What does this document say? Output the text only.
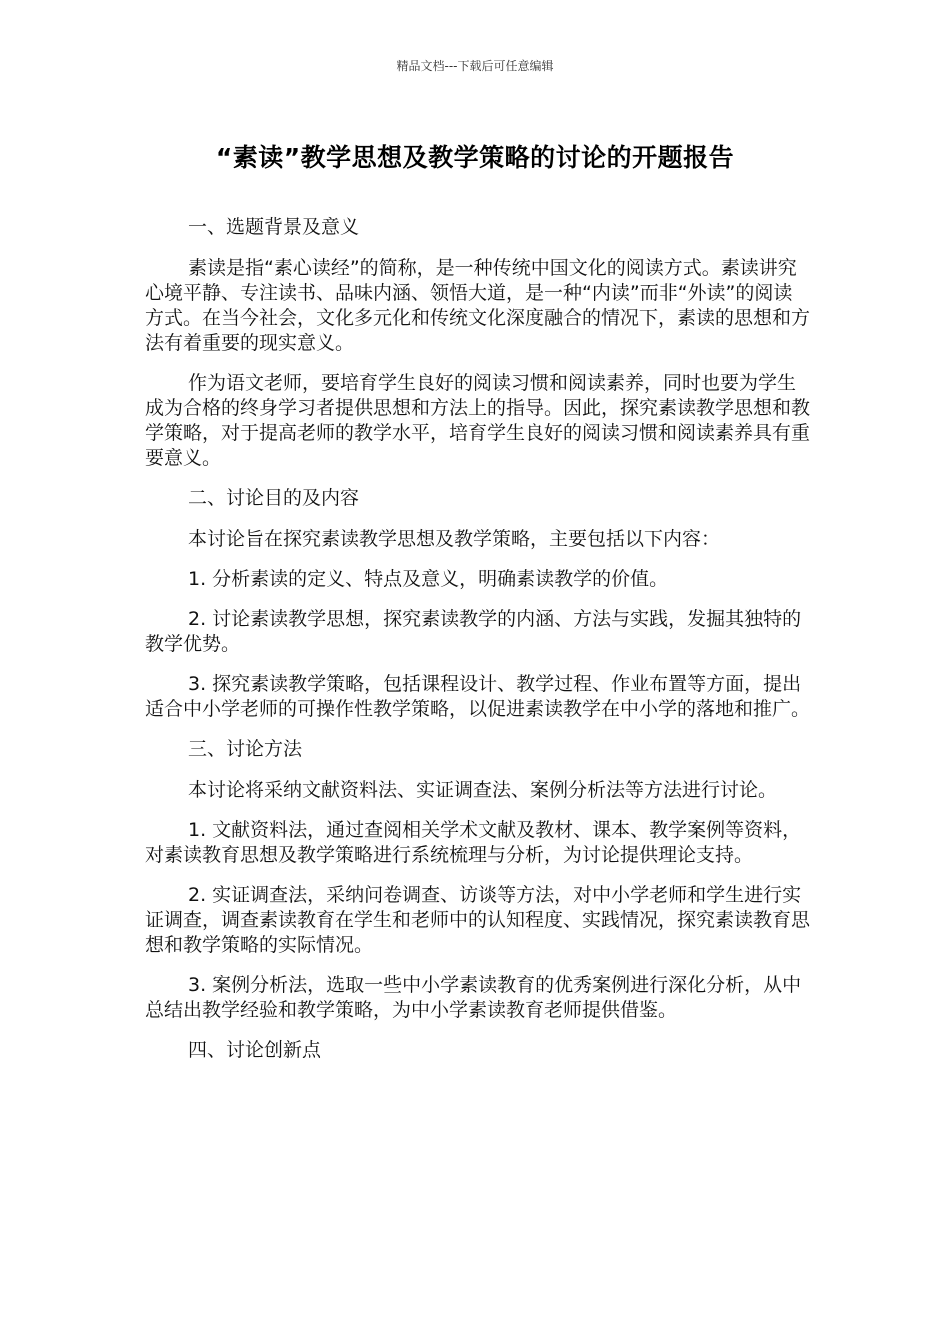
精品文档---下载后可任意编辑
“素读”教学思想及教学策略的讨论的开题报告

一、选题背景及意义

素读是指“素心读经”的简称，是一种传统中国文化的阅读方式。素读讲究心境平静、专注读书、品味内涵、领悟大道，是一种“内读”而非“外读”的阅读方式。在当今社会，文化多元化和传统文化深度融合的情况下，素读的思想和方法有着重要的现实意义。

作为语文老师，要培育学生良好的阅读习惯和阅读素养，同时也要为学生成为合格的终身学习者提供思想和方法上的指导。因此，探究素读教学思想和教学策略，对于提高老师的教学水平，培育学生良好的阅读习惯和阅读素养具有重要意义。

二、讨论目的及内容

本讨论旨在探究素读教学思想及教学策略，主要包括以下内容：

1. 分析素读的定义、特点及意义，明确素读教学的价值。

2. 讨论素读教学思想，探究素读教学的内涵、方法与实践，发掘其独特的教学优势。

3. 探究素读教学策略，包括课程设计、教学过程、作业布置等方面，提出适合中小学老师的可操作性教学策略，以促进素读教学在中小学的落地和推广。

三、讨论方法

本讨论将采纳文献资料法、实证调查法、案例分析法等方法进行讨论。

1. 文献资料法，通过查阅相关学术文献及教材、课本、教学案例等资料，对素读教育思想及教学策略进行系统梳理与分析，为讨论提供理论支持。

2. 实证调查法，采纳问卷调查、访谈等方法，对中小学老师和学生进行实证调查，调查素读教育在学生和老师中的认知程度、实践情况，探究素读教育思想和教学策略的实际情况。

3. 案例分析法，选取一些中小学素读教育的优秀案例进行深化分析，从中总结出教学经验和教学策略，为中小学素读教育老师提供借鉴。

四、讨论创新点
